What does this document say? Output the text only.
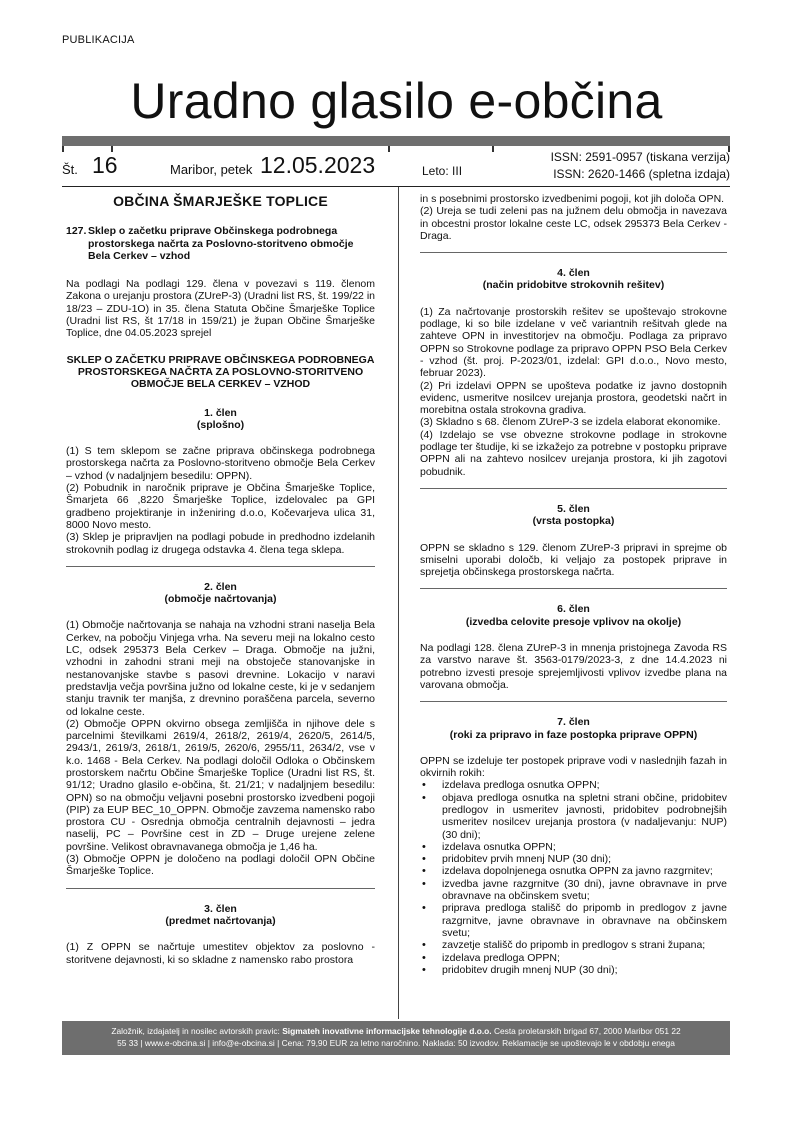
PUBLIKACIJA
Uradno glasilo e-občina
Št. 16	Maribor, petek 12.05.2023	Leto: III
ISSN: 2591-0957 (tiskana verzija)
ISSN: 2620-1466 (spletna izdaja)
OBČINA ŠMARJEŠKE TOPLICE
127. Sklep o začetku priprave Občinskega podrobnega prostorskega načrta za Poslovno-storitveno območje Bela Cerkev – vzhod

Na podlagi Na podlagi 129. člena v povezavi s 119. členom Zakona o urejanju prostora (ZUreP-3) (Uradni list RS, št. 199/22 in 18/23 – ZDU-1O) in 35. člena Statuta Občine Šmarješke Toplice (Uradni list RS, št 17/18 in 159/21) je župan Občine Šmarješke Toplice, dne 04.05.2023 sprejel

SKLEP O ZAČETKU PRIPRAVE OBČINSKEGA PODROBNEGA PROSTORSKEGA NAČRTA ZA POSLOVNO-STORITVENO OBMOČJE BELA CERKEV – VZHOD
1. člen
(splošno)

(1) S tem sklepom se začne priprava občinskega podrobnega prostorskega načrta za Poslovno-storitveno območje Bela Cerkev – vzhod (v nadaljnjem besedilu: OPPN).

(2) Pobudnik in naročnik priprave je Občina Šmarješke Toplice, Šmarjeta 66 ,8220 Šmarješke Toplice, izdelovalec pa GPI gradbeno projektiranje in inženiring d.o.o, Kočevarjeva ulica 31, 8000 Novo mesto.

(3) Sklep je pripravljen na podlagi pobude in predhodno izdelanih strokovnih podlag iz drugega odstavka 4. člena tega sklepa.

2. člen
(območje načrtovanja)

(1) Območje načrtovanja se nahaja na vzhodni strani naselja Bela Cerkev, na pobočju Vinjega vrha. Na severu meji na lokalno cesto LC, odsek 295373 Bela Cerkev – Draga. Območje na južni, vzhodni in zahodni strani meji na obstoječe stanovanjske in nestanovanjske stavbe s pasovi drevnine. Lokacijo v naravi predstavlja večja površina južno od lokalne ceste, ki je v sedanjem stanju travnik ter manjša, z drevnino poraščena parcela, severno od lokalne ceste.

(2) Območje OPPN okvirno obsega zemljišča in njihove dele s parcelnimi številkami 2619/4, 2618/2, 2619/4, 2620/5, 2614/5, 2943/1, 2619/3, 2618/1, 2619/5, 2620/6, 2955/11, 2634/2, vse v k.o. 1468 - Bela Cerkev. Na podlagi določil Odloka o Občinskem prostorskem načrtu Občine Šmarješke Toplice (Uradni list RS, št. 91/12; Uradno glasilo e-občina, št. 21/21; v nadaljnjem besedilu: OPN) so na območju veljavni posebni prostorsko izvedbeni pogoji (PIP) za EUP BEC_10_OPPN. Območje zavzema namensko rabo prostora CU - Osrednja območja centralnih dejavnosti – jedra naselij, PC – Površine cest in ZD – Druge urejene zelene površine. Velikost obravnavanega območja je 1,46 ha.

(3) Območje OPPN je določeno na podlagi določil OPN Občine Šmarješke Toplice.

3. člen
(predmet načrtovanja)

(1) Z OPPN se načrtuje umestitev objektov za poslovno - storitvene dejavnosti, ki so skladne z namensko rabo prostora

in s posebnimi prostorsko izvedbenimi pogoji, kot jih določa OPN.

(2) Ureja se tudi zeleni pas na južnem delu območja in navezava in obcestni prostor lokalne ceste LC, odsek 295373 Bela Cerkev - Draga.

4. člen
(način pridobitve strokovnih rešitev)

(1) Za načrtovanje prostorskih rešitev se upoštevajo strokovne podlage, ki so bile izdelane v več variantnih rešitvah glede na zahteve OPN in investitorjev na območju. Podlaga za pripravo OPPN so Strokovne podlage za pripravo OPPN PSO Bela Cerkev - vzhod (št. proj. P-2023/01, izdelal: GPI d.o.o., Novo mesto, februar 2023).

(2) Pri izdelavi OPPN se upošteva podatke iz javno dostopnih evidenc, usmeritve nosilcev urejanja prostora, geodetski načrt in morebitna ostala strokovna gradiva.

(3) Skladno s 68. členom ZUreP-3 se izdela elaborat ekonomike.

(4) Izdelajo se vse obvezne strokovne podlage in strokovne podlage ter študije, ki se izkažejo za potrebne v postopku priprave OPPN ali na zahtevo nosilcev urejanja prostora, ki jih zagotovi pobudnik.

5. člen
(vrsta postopka)

OPPN se skladno s 129. členom ZUreP-3 pripravi in sprejme ob smiselni uporabi določb, ki veljajo za postopek priprave in sprejetja občinskega prostorskega načrta.

6. člen
(izvedba celovite presoje vplivov na okolje)

Na podlagi 128. člena ZUreP-3 in mnenja pristojnega Zavoda RS za varstvo narave št. 3563-0179/2023-3, z dne 14.4.2023 ni potrebno izvesti presoje sprejemljivosti vplivov izvedbe plana na varovana območja.

7. člen
(roki za pripravo in faze postopka priprave OPPN)

OPPN se izdeluje ter postopek priprave vodi v naslednjih fazah in okvirnih rokih:

• izdelava predloga osnutka OPPN;
• objava predloga osnutka na spletni strani občine, pridobitev predlogov in usmeritev javnosti, pridobitev podrobnejših usmeritev nosilcev urejanja prostora (v nadaljevanju: NUP) (30 dni);
• izdelava osnutka OPPN;
• pridobitev prvih mnenj NUP (30 dni);
• izdelava dopolnjenega osnutka OPPN za javno razgrnitev;
• izvedba javne razgrnitve (30 dni), javne obravnave in prve obravnave na občinskem svetu;
• priprava predloga stališč do pripomb in predlogov z javne razgrnitve, javne obravnave in obravnave na občinskem svetu;
• zavzetje stališč do pripomb in predlogov s strani župana;
• izdelava predloga OPPN;
• pridobitev drugih mnenj NUP (30 dni);
Založnik, izdajatelj in nosilec avtorskih pravic: Sigmateh inovativne informacijske tehnologije d.o.o. Cesta proletarskih brigad 67, 2000 Maribor 051 22
55 33 | www.e-obcina.si | info@e-obcina.si | Cena: 79,90 EUR za letno naročnino. Naklada: 50 izvodov. Reklamacije se upoštevajo le v obdobju enega
